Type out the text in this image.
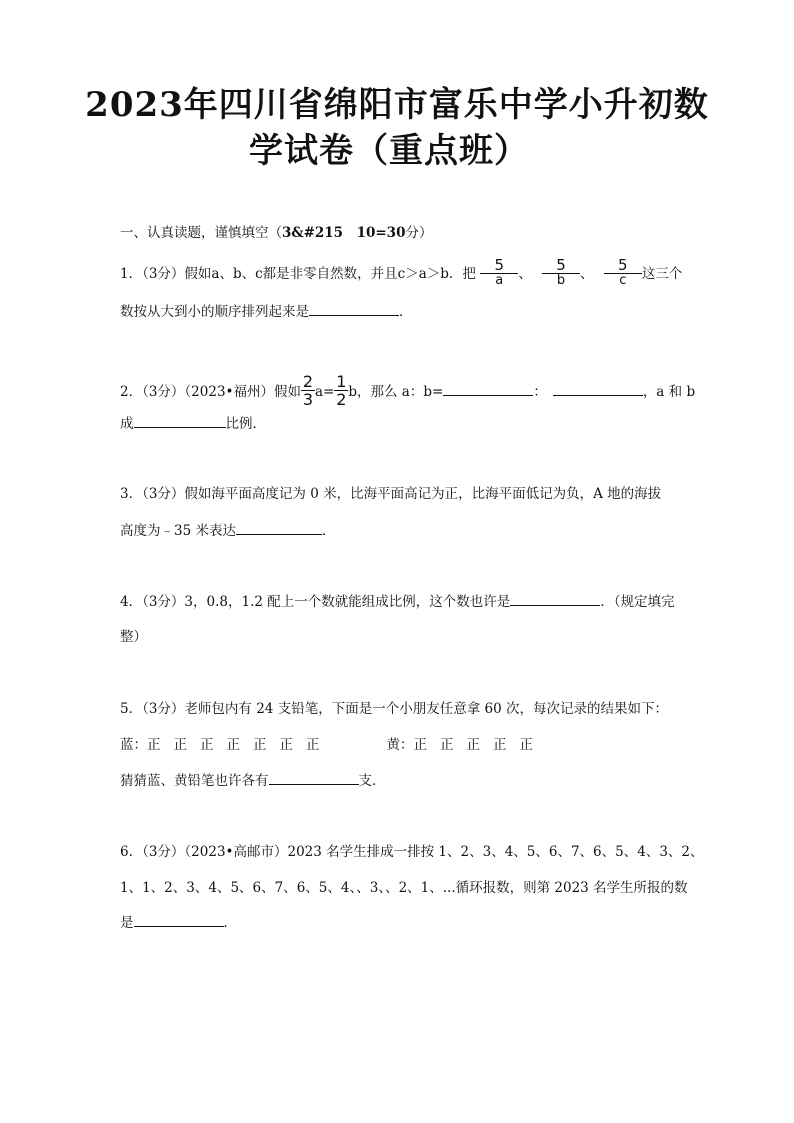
2023年四川省绵阳市富乐中学小升初数
学试卷（重点班）
一、认真读题，谨慎填空（3&#215　10=30分）
1．（3分）假如a、b、c都是非零自然数，并且c＞a＞b．把 $\frac{5}{a}$ 、 $\frac{5}{b}$ 、 $\frac{5}{c}$ 这三个
数按从大到小的顺序排列起来是	．
2．（3分）（2023•福州）假如 $\frac{2}{3} a= \frac{1}{2}$ b，那么 a：b=	：	，a 和 b
成	比例．
3．（3分）假如海平面高度记为 0 米，比海平面高记为正，比海平面低记为负，A 地的海拔
高度为﹣35 米表达	．
4．（3分）3，0.8，1.2 配上一个数就能组成比例，这个数也许是	．（规定填完
整）
5．（3分）老师包内有 24 支铅笔，下面是一个小朋友任意拿 60 次，每次记录的结果如下：
蓝：正 正 正 正 正 正 正	黄：正 正 正 正 正
猜猜蓝、黄铅笔也许各有	支．
6．（3分）（2023•高邮市）2023 名学生排成一排按 1、2、3、4、5、6、7、6、5、4、3、2、
1、1、2、3、4、5、6、7、6、5、4、、3、、2、1、...循环报数，则第 2023 名学生所报的数
是	．
